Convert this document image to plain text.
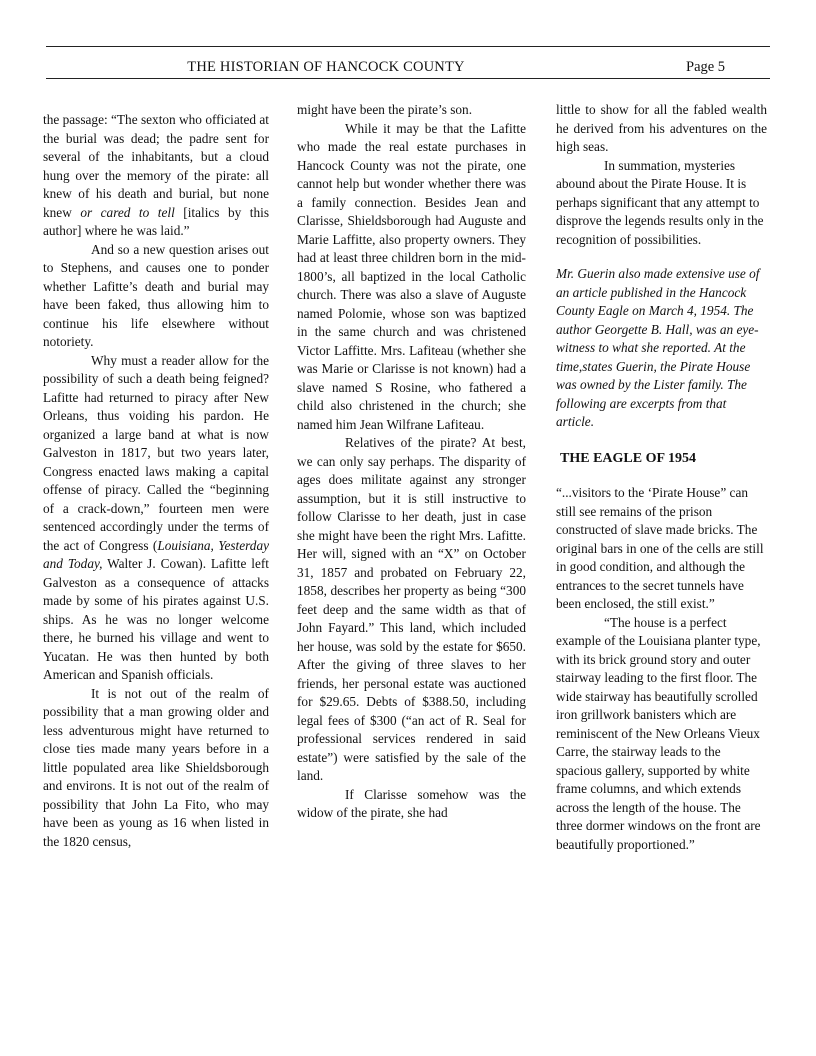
THE HISTORIAN OF HANCOCK COUNTY	Page 5

the passage: “The sexton who officiated at the burial was dead; the padre sent for several of the inhabitants, but a cloud hung over the memory of the pirate: all knew of his death and burial, but none knew or cared to tell [italics by this author] where he was laid.”

And so a new question arises out to Stephens, and causes one to ponder whether Lafitte’s death and burial may have been faked, thus allowing him to continue his life elsewhere without notoriety.

Why must a reader allow for the possibility of such a death being feigned? Lafitte had returned to piracy after New Orleans, thus voiding his pardon. He organized a large band at what is now Galveston in 1817, but two years later, Congress enacted laws making a capital offense of piracy. Called the “beginning of a crack-down,” fourteen men were sentenced accordingly under the terms of the act of Congress (Louisiana, Yesterday and Today, Walter J. Cowan). Lafitte left Galveston as a consequence of attacks made by some of his pirates against U.S. ships. As he was no longer welcome there, he burned his village and went to Yucatan. He was then hunted by both American and Spanish officials.

It is not out of the realm of possibility that a man growing older and less adventurous might have returned to close ties made many years before in a little populated area like Shieldsborough and environs. It is not out of the realm of possibility that John La Fito, who may have been as young as 16 when listed in the 1820 census,

might have been the pirate’s son.

While it may be that the Lafitte who made the real estate purchases in Hancock County was not the pirate, one cannot help but wonder whether there was a family connection. Besides Jean and Clarisse, Shieldsborough had Auguste and Marie Laffitte, also property owners. They had at least three children born in the mid-1800’s, all baptized in the local Catholic church. There was also a slave of Auguste named Polomie, whose son was baptized in the same church and was christened Victor Laffitte. Mrs. Lafiteau (whether she was Marie or Clarisse is not known) had a slave named S Rosine, who fathered a child also christened in the church; she named him Jean Wilfrane Lafiteau.

Relatives of the pirate? At best, we can only say perhaps. The disparity of ages does militate against any stronger assumption, but it is still instructive to follow Clarisse to her death, just in case she might have been the right Mrs. Lafitte. Her will, signed with an “X” on October 31, 1857 and probated on February 22, 1858, describes her property as being “300 feet deep and the same width as that of John Fayard.” This land, which included her house, was sold by the estate for $650. After the giving of three slaves to her friends, her personal estate was auctioned for $29.65. Debts of $388.50, including legal fees of $300 (“an act of R. Seal for professional services rendered in said estate”) were satisfied by the sale of the land.

If Clarisse somehow was the widow of the pirate, she had

little to show for all the fabled wealth he derived from his adventures on the high seas.

In summation, mysteries abound about the Pirate House. It is perhaps significant that any attempt to disprove the legends results only in the recognition of possibilities.

Mr. Guerin also made extensive use of an article published in the Hancock County Eagle on March 4, 1954. The author Georgette B. Hall, was an eye-witness to what she reported. At the time,states Guerin, the Pirate House was owned by the Lister family. The following are excerpts from that article.

THE EAGLE OF 1954

“...visitors to the ‘Pirate House” can still see remains of the prison constructed of slave made bricks. The original bars in one of the cells are still in good condition, and although the entrances to the secret tunnels have been enclosed, the still exist.”

“The house is a perfect example of the Louisiana planter type, with its brick ground story and outer stairway leading to the first floor. The wide stairway has beautifully scrolled iron grillwork banisters which are reminiscent of the New Orleans Vieux Carre, the stairway leads to the spacious gallery, supported by white frame columns, and which extends across the length of the house. The three dormer windows on the front are beautifully proportioned.”
